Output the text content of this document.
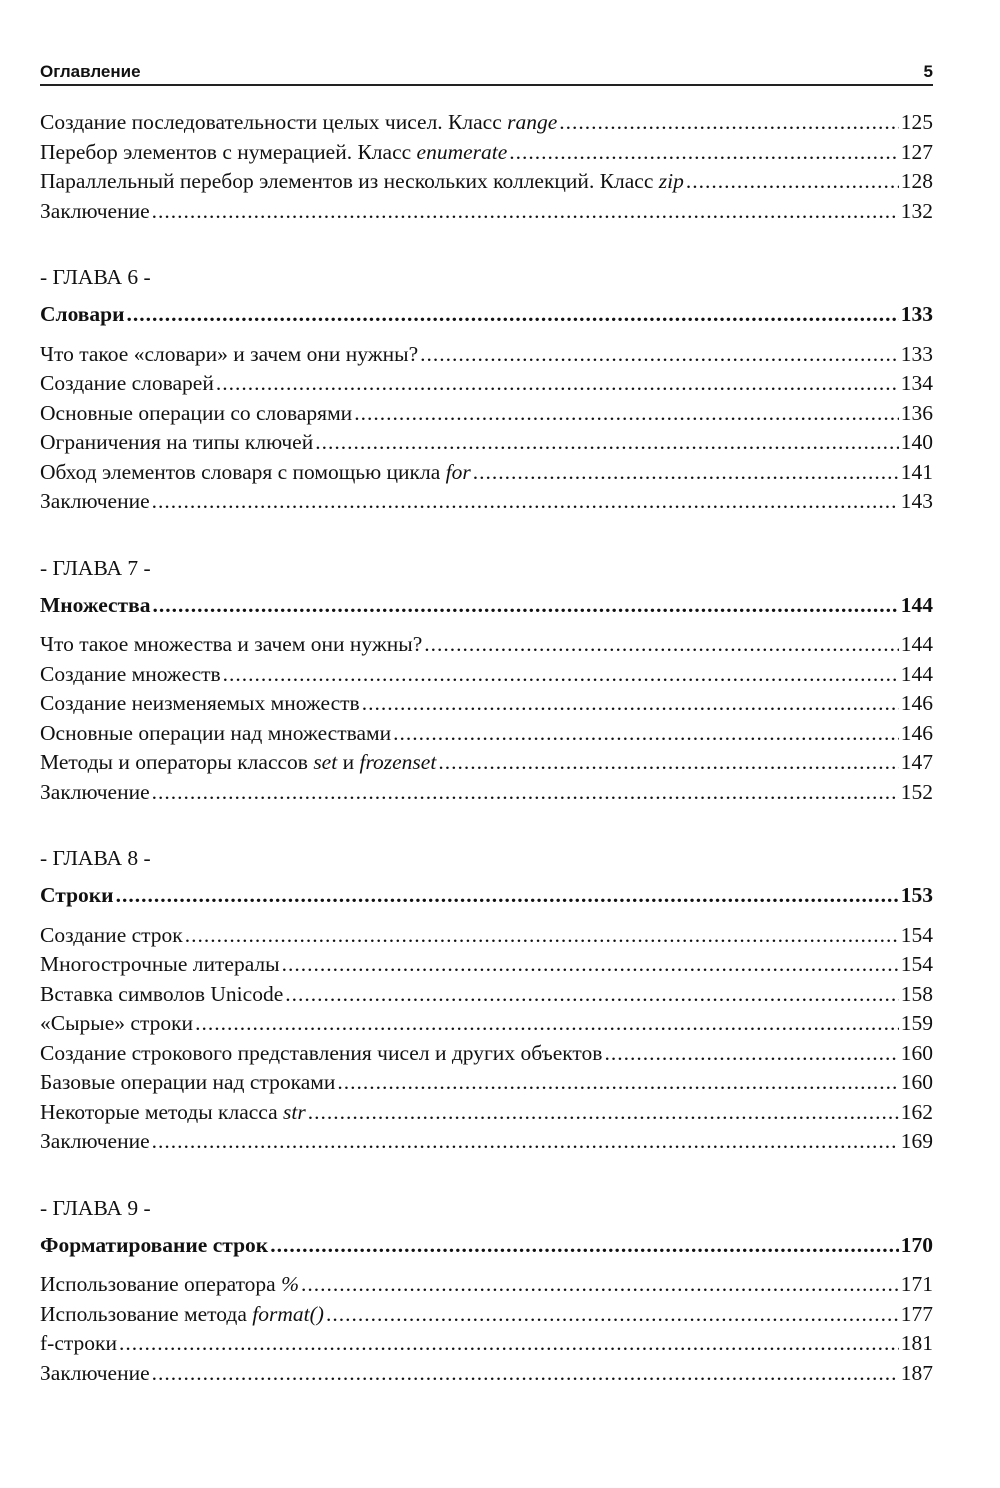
Оглавление	5
Создание последовательности целых чисел. Класс range .....	125
Перебор элементов с нумерацией. Класс enumerate .....	127
Параллельный перебор элементов из нескольких коллекций. Класс zip .....	128
Заключение .....	132
- ГЛАВА 6 -
Словари .....	133
Что такое «словари» и зачем они нужны? .....	133
Создание словарей .....	134
Основные операции со словарями .....	136
Ограничения на типы ключей .....	140
Обход элементов словаря с помощью цикла for .....	141
Заключение .....	143
- ГЛАВА 7 -
Множества .....	144
Что такое множества и зачем они нужны? .....	144
Создание множеств .....	144
Создание неизменяемых множеств .....	146
Основные операции над множествами .....	146
Методы и операторы классов set и frozenset .....	147
Заключение .....	152
- ГЛАВА 8 -
Строки .....	153
Создание строк .....	154
Многострочные литералы .....	154
Вставка символов Unicode .....	158
«Сырые» строки .....	159
Создание строкового представления чисел и других объектов .....	160
Базовые операции над строками .....	160
Некоторые методы класса str .....	162
Заключение .....	169
- ГЛАВА 9 -
Форматирование строк .....	170
Использование оператора % .....	171
Использование метода format() .....	177
f-строки .....	181
Заключение .....	187
